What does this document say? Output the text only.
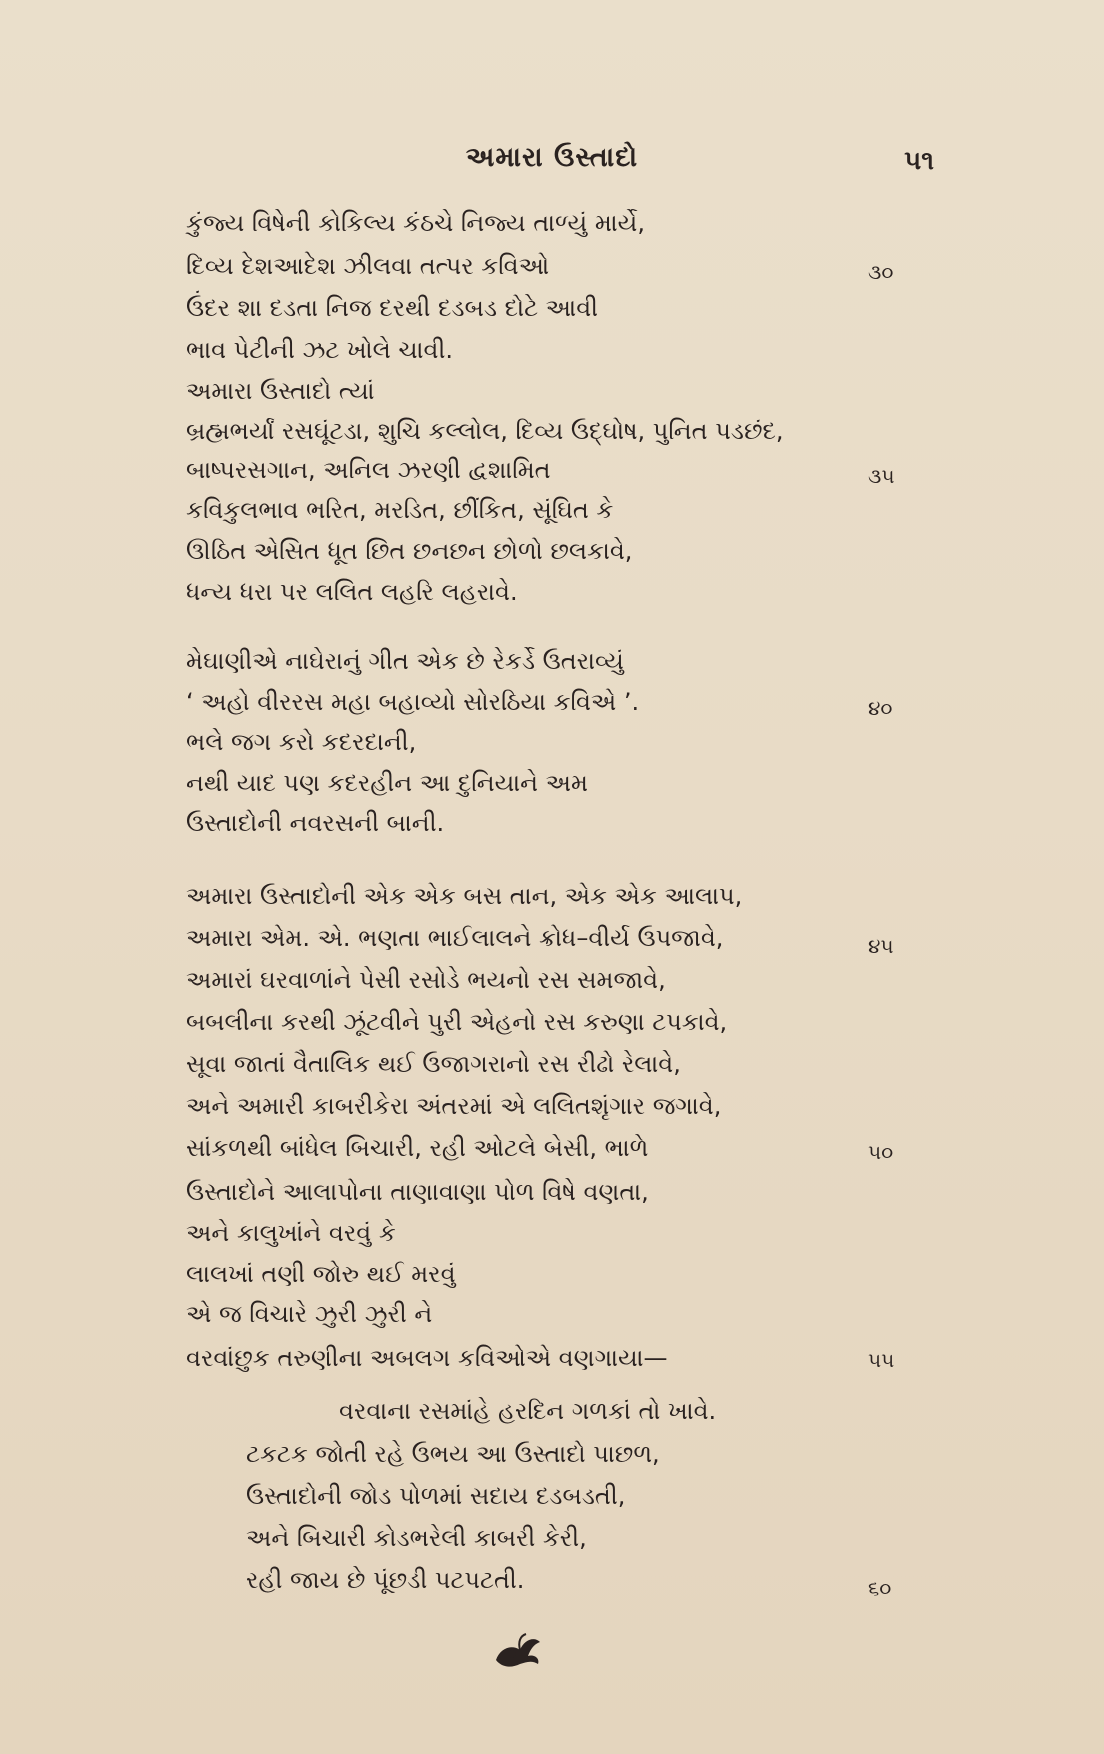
અમારા ઉસ્તાદો	૫૧
કુંજ્ય વિષેની કોકિલ્ય કંઠચે નિજ્ય તાળ્યું માર્યે,
દિવ્ય દેશઆદેશ ઝીલવા તત્પર કવિઓ
ઉંદર શા દડતા નિજ દરથી દડબડ દોટે આવી
ભાવ પેટીની ઝટ ખોલે ચાવી.
અમારા ઉસ્તાદો ત્યાં
બ્રહ્મભર્યાં રસઘૂંટડા, શુચિ કલ્લોલ, દિવ્ય ઉદ્‌ઘોષ, પુનિત પડછંદ,
બાષ્પરસગાન, અનિલ ઝરણી દ્વશામિત
કવિકુલભાવ ભરિત, મરડિત, છીંકિત, સૂંઘિત કે
ઊઠિત એસિત ધૂત છિત છનછન છોળો છલકાવે,
ધન્ય ધરા પર લલિત લહરિ લહરાવે.
મેઘાણીએ નાઘેરાનું ગીત એક છે રેકર્ડે ઉતરાવ્યું
‘ અહો વીરરસ મહા બહાવ્યો સોરઠિયા કવિએ ’.
ભલે જગ કરો કદરદાની,
નથી યાદ પણ કદરહીન આ દુનિયાને અમ
ઉસ્તાદોની નવરસની બાની.
અમારા ઉસ્તાદોની એક એક બસ તાન, એક એક આલાપ,
અમારા એમ. એ. ભણતા ભાઈલાલને ક્રોધ–વીર્ય ઉપજાવે,
અમારાં ઘરવાળાંને પેસી રસોડે ભયનો રસ સમજાવે,
બબલીના કરથી ઝૂંટવીને પુરી એહનો રસ કરુણા ટપકાવે,
સૂવા જાતાં વૈતાલિક થઈ ઉજાગરાનો રસ રીઢો રેલાવે,
અને અમારી કાબરીકેરા અંતરમાં એ લલિતશૃંગાર જગાવે,
સાંકળથી બાંધેલ બિચારી, રહી ઓટલે બેસી, ભાળે
ઉસ્તાદોને આલાપોના તાણાવાણા પોળ વિષે વણતા,
અને કાલુખાંને વરવું કે
લાલખાં તણી જોરુ થઈ મરવું
એ જ વિચારે ઝુરી ઝુરી ને
વરવાંછુક તરુણીના અબલગ કવિઓએ વણગાયા—
વરવાના રસમાંહે હરદિન ગળકાં તો ખાવે.
ટકટક જોતી રહે ઉભય આ ઉસ્તાદો પાછળ,
ઉસ્તાદોની જોડ પોળમાં સદાય દડબડતી,
અને બિચારી કોડભરેલી કાબરી કેરી,
રહી જાય છે પૂંછડી પટપટતી.
૩૦
૩૫
૪૦
૪૫
૫૦
૫૫
૬૦
